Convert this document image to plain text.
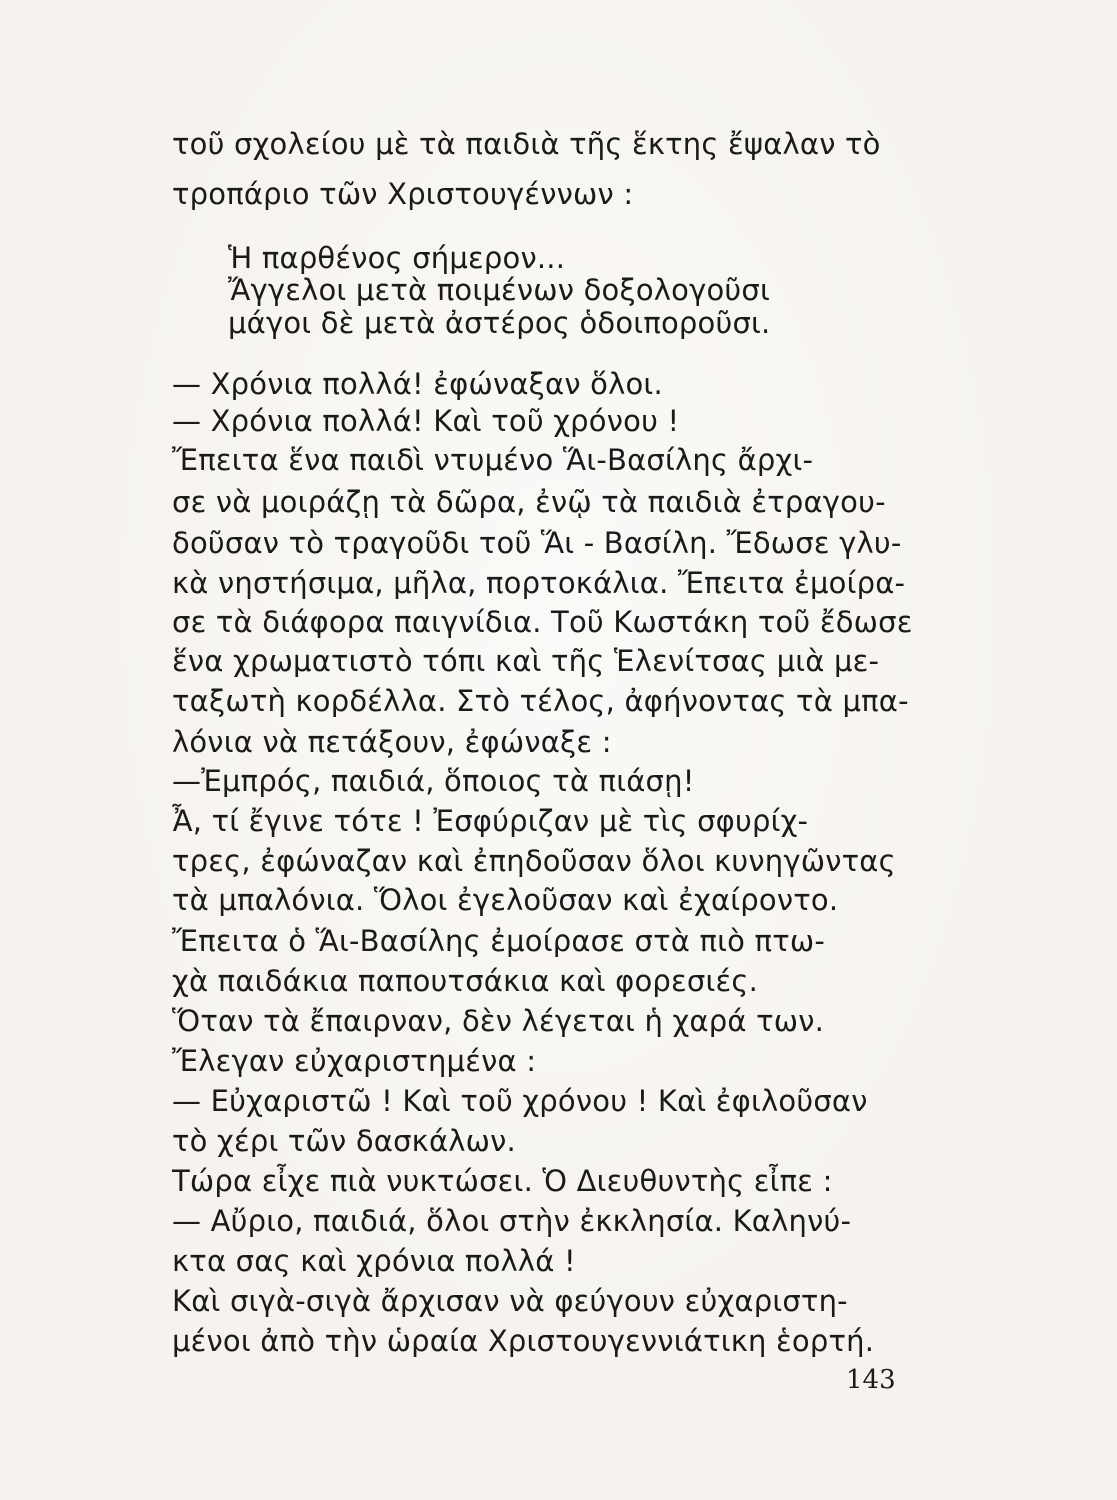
τοῦ σχολείου μὲ τὰ παιδιὰ τῆς ἕκτης ἔψαλαν τὸ
τροπάριο τῶν Χριστουγέννων :
Ἡ παρθένος σήμερον...
Ἄγγελοι μετὰ ποιμένων δοξολογοῦσι
μάγοι δὲ μετὰ ἀστέρος ὁδοιποροῦσι.
— Χρόνια πολλά! ἐφώναξαν ὅλοι.
— Χρόνια πολλά! Καὶ τοῦ χρόνου !
Ἔπειτα ἕνα παιδὶ ντυμένο Ἅι-Βασίλης ἄρχι-
σε νὰ μοιράζῃ τὰ δῶρα, ἐνῷ τὰ παιδιὰ ἐτραγου-
δοῦσαν τὸ τραγοῦδι τοῦ Ἅι - Βασίλη. Ἔδωσε γλυ-
κὰ νηστήσιμα, μῆλα, πορτοκάλια. Ἔπειτα ἐμοίρα-
σε τὰ διάφορα παιγνίδια. Τοῦ Κωστάκη τοῦ ἔδωσε
ἕνα χρωματιστὸ τόπι καὶ τῆς Ἑλενίτσας μιὰ με-
ταξωτὴ κορδέλλα. Στὸ τέλος, ἀφήνοντας τὰ μπα-
λόνια νὰ πετάξουν, ἐφώναξε :
—Ἐμπρός, παιδιά, ὅποιος τὰ πιάσῃ!
Ἆ, τί ἔγινε τότε ! Ἐσφύριζαν μὲ τὶς σφυρίχ-
τρες, ἐφώναζαν καὶ ἐπηδοῦσαν ὅλοι κυνηγῶντας
τὰ μπαλόνια. Ὅλοι ἐγελοῦσαν καὶ ἐχαίροντο.
Ἔπειτα ὁ Ἅι-Βασίλης ἐμοίρασε στὰ πιὸ πτω-
χὰ παιδάκια παπουτσάκια καὶ φορεσιές.
Ὅταν τὰ ἔπαιρναν, δὲν λέγεται ἡ χαρά των.
Ἔλεγαν εὐχαριστημένα :
— Εὐχαριστῶ ! Καὶ τοῦ χρόνου ! Καὶ ἐφιλοῦσαν
τὸ χέρι τῶν δασκάλων.
Τώρα εἶχε πιὰ νυκτώσει. Ὁ Διευθυντὴς εἶπε :
— Αὔριο, παιδιά, ὅλοι στὴν ἐκκλησία. Καληνύ-
κτα σας καὶ χρόνια πολλά !
Καὶ σιγὰ-σιγὰ ἄρχισαν νὰ φεύγουν εὐχαριστη-
μένοι ἀπὸ τὴν ὡραία Χριστουγεννιάτικη ἑορτή.
143
